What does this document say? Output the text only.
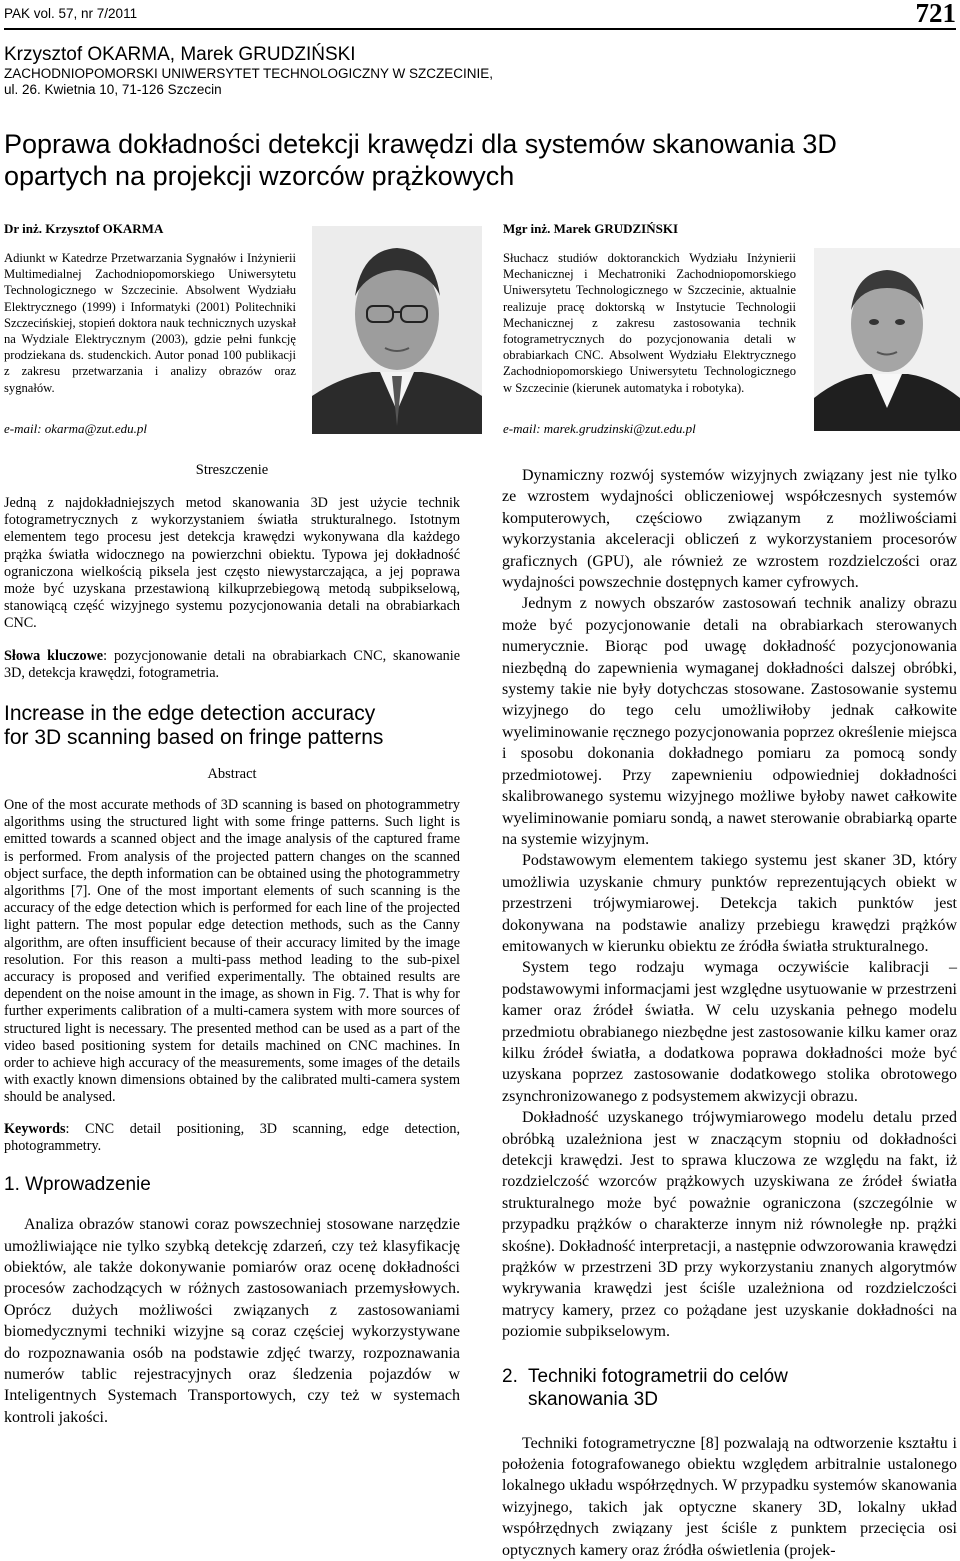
PAK vol. 57, nr 7/2011	721
Krzysztof OKARMA, Marek GRUDZIŃSKI
ZACHODNIOPOMORSKI UNIWERSYTET TECHNOLOGICZNY W SZCZECINIE,
ul. 26. Kwietnia 10, 71-126 Szczecin
Poprawa dokładności detekcji krawędzi dla systemów skanowania 3D
opartych na projekcji wzorców prążkowych
Dr inż. Krzysztof OKARMA
Adiunkt w Katedrze Przetwarzania Sygnałów i Inżynierii Multimedialnej Zachodniopomorskiego Uniwersytetu Technologicznego w Szczecinie. Absolwent Wydziału Elektrycznego (1999) i Informatyki (2001) Politechniki Szczecińskiej, stopień doktora nauk technicznych uzyskał na Wydziale Elektrycznym (2003), gdzie pełni funkcję prodziekana ds. studenckich. Autor ponad 100 publikacji z zakresu przetwarzania i analizy obrazów oraz sygnałów.
e-mail: okarma@zut.edu.pl
Mgr inż. Marek GRUDZIŃSKI
Słuchacz studiów doktoranckich Wydziału Inżynierii Mechanicznej i Mechatroniki Zachodniopomorskiego Uniwersytetu Technologicznego w Szczecinie, aktualnie realizuje pracę doktorską w Instytucie Technologii Mechanicznej z zakresu zastosowania technik fotogrametrycznych do pozycjonowania detali w obrabiarkach CNC. Absolwent Wydziału Elektrycznego Zachodniopomorskiego Uniwersytetu Technologicznego w Szczecinie (kierunek automatyka i robotyka).
e-mail: marek.grudzinski@zut.edu.pl
Streszczenie

Jedną z najdokładniejszych metod skanowania 3D jest użycie technik fotogrametrycznych z wykorzystaniem światła strukturalnego. Istotnym elementem tego procesu jest detekcja krawędzi wykonywana dla każdego prążka światła widocznego na powierzchni obiektu. Typowa jej dokładność ograniczona wielkością piksela jest często niewystarczająca, a jej poprawa może być uzyskana przestawioną kilkuprzebiegową metodą subpikselową, stanowiącą część wizyjnego systemu pozycjonowania detali na obrabiarkach CNC.

Słowa kluczowe: pozycjonowanie detali na obrabiarkach CNC, skanowanie 3D, detekcja krawędzi, fotogrametria.

Increase in the edge detection accuracy
for 3D scanning based on fringe patterns
Abstract

One of the most accurate methods of 3D scanning is based on photogrammetry algorithms using the structured light with some fringe patterns. Such light is emitted towards a scanned object and the image analysis of the captured frame is performed. From analysis of the projected pattern changes on the scanned object surface, the depth information can be obtained using the photogrammetry algorithms [7]. One of the most important elements of such scanning is the accuracy of the edge detection which is performed for each line of the projected light pattern. The most popular edge detection methods, such as the Canny algorithm, are often insufficient because of their accuracy limited by the image resolution. For this reason a multi-pass method leading to the sub-pixel accuracy is proposed and verified experimentally. The obtained results are dependent on the noise amount in the image, as shown in Fig. 7. That is why for further experiments calibration of a multi-camera system with more sources of structured light is necessary. The presented method can be used as a part of the video based positioning system for details machined on CNC machines. In order to achieve high accuracy of the measurements, some images of the details with exactly known dimensions obtained by the calibrated multi-camera system should be analysed.

Keywords: CNC detail positioning, 3D scanning, edge detection, photogrammetry.

1. Wprowadzenie

Analiza obrazów stanowi coraz powszechniej stosowane narzędzie umożliwiające nie tylko szybką detekcję zdarzeń, czy też klasyfikację obiektów, ale także dokonywanie pomiarów oraz ocenę dokładności procesów zachodzących w różnych zastosowaniach przemysłowych. Oprócz dużych możliwości związanych z zastosowaniami biomedycznymi techniki wizyjne są coraz częściej wykorzystywane do rozpoznawania osób na podstawie zdjęć twarzy, rozpoznawania numerów tablic rejestracyjnych oraz śledzenia pojazdów w Inteligentnych Systemach Transportowych, czy też w systemach kontroli jakości.

Dynamiczny rozwój systemów wizyjnych związany jest nie tylko ze wzrostem wydajności obliczeniowej współczesnych systemów komputerowych, częściowo związanym z możliwościami wykorzystania akceleracji obliczeń z wykorzystaniem procesorów graficznych (GPU), ale również ze wzrostem rozdzielczości oraz wydajności powszechnie dostępnych kamer cyfrowych.

Jednym z nowych obszarów zastosowań technik analizy obrazu może być pozycjonowanie detali na obrabiarkach sterowanych numerycznie. Biorąc pod uwagę dokładność pozycjonowania niezbędną do zapewnienia wymaganej dokładności dalszej obróbki, systemy takie nie były dotychczas stosowane. Zastosowanie systemu wizyjnego do tego celu umożliwiłoby jednak całkowite wyeliminowanie ręcznego pozycjonowania poprzez określenie miejsca i sposobu dokonania dokładnego pomiaru za pomocą sondy przedmiotowej. Przy zapewnieniu odpowiedniej dokładności skalibrowanego systemu wizyjnego możliwe byłoby nawet całkowite wyeliminowanie pomiaru sondą, a nawet sterowanie obrabiarką oparte na systemie wizyjnym.

Podstawowym elementem takiego systemu jest skaner 3D, który umożliwia uzyskanie chmury punktów reprezentujących obiekt w przestrzeni trójwymiarowej. Detekcja takich punktów jest dokonywana na podstawie analizy przebiegu krawędzi prążków emitowanych w kierunku obiektu ze źródła światła strukturalnego.

System tego rodzaju wymaga oczywiście kalibracji – podstawowymi informacjami jest względne usytuowanie w przestrzeni kamer oraz źródeł światła. W celu uzyskania pełnego modelu przedmiotu obrabianego niezbędne jest zastosowanie kilku kamer oraz kilku źródeł światła, a dodatkowa poprawa dokładności może być uzyskana poprzez zastosowanie dodatkowego stolika obrotowego zsynchronizowanego z podsystemem akwizycji obrazu.

Dokładność uzyskanego trójwymiarowego modelu detalu przed obróbką uzależniona jest w znaczącym stopniu od dokładności detekcji krawędzi. Jest to sprawa kluczowa ze względu na fakt, iż rozdzielczość wzorców prążkowych uzyskiwana ze źródeł światła strukturalnego może być poważnie ograniczona (szczególnie w przypadku prążków o charakterze innym niż równoległe np. prążki skośne). Dokładność interpretacji, a następnie odwzorowania krawędzi prążków w przestrzeni 3D przy wykorzystaniu znanych algorytmów wykrywania krawędzi jest ściśle uzależniona od rozdzielczości matrycy kamery, przez co pożądane jest uzyskanie dokładności na poziomie subpikselowym.

2. Techniki fotogrametrii do celów
skanowania 3D

Techniki fotogrametryczne [8] pozwalają na odtworzenie kształtu i położenia fotografowanego obiektu względem arbitralnie ustalonego lokalnego układu współrzędnych. W przypadku systemów skanowania wizyjnego, takich jak optyczne skanery 3D, lokalny układ współrzędnych związany jest ściśle z punktem przecięcia osi optycznych kamery oraz źródła oświetlenia (projek-
